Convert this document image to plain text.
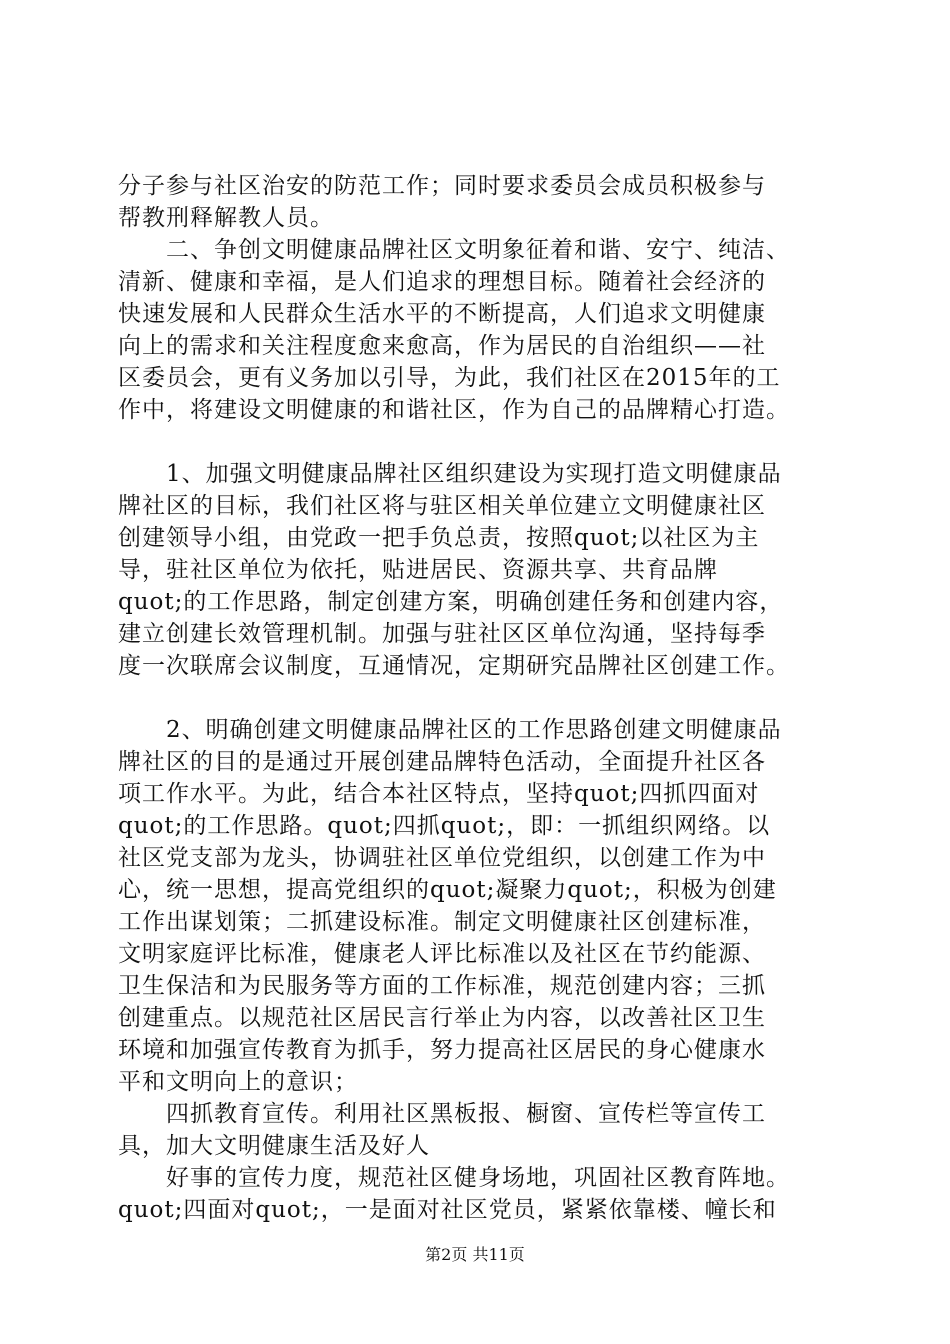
分子参与社区治安的防范工作；同时要求委员会成员积极参与
帮教刑释解教人员。
　　二、争创文明健康品牌社区文明象征着和谐、安宁、纯洁、
清新、健康和幸福，是人们追求的理想目标。随着社会经济的
快速发展和人民群众生活水平的不断提高，人们追求文明健康
向上的需求和关注程度愈来愈高，作为居民的自治组织——社
区委员会，更有义务加以引导，为此，我们社区在2015年的工
作中，将建设文明健康的和谐社区，作为自己的品牌精心打造。
　　1、加强文明健康品牌社区组织建设为实现打造文明健康品
牌社区的目标，我们社区将与驻区相关单位建立文明健康社区
创建领导小组，由党政一把手负总责，按照quot;以社区为主
导，驻社区单位为依托，贴进居民、资源共享、共育品牌
quot;的工作思路，制定创建方案，明确创建任务和创建内容，
建立创建长效管理机制。加强与驻社区区单位沟通，坚持每季
度一次联席会议制度，互通情况，定期研究品牌社区创建工作。
　　2、明确创建文明健康品牌社区的工作思路创建文明健康品
牌社区的目的是通过开展创建品牌特色活动，全面提升社区各
项工作水平。为此，结合本社区特点，坚持quot;四抓四面对
quot;的工作思路。quot;四抓quot;，即：一抓组织网络。以
社区党支部为龙头，协调驻社区单位党组织，以创建工作为中
心，统一思想，提高党组织的quot;凝聚力quot;，积极为创建
工作出谋划策；二抓建设标准。制定文明健康社区创建标准，
文明家庭评比标准，健康老人评比标准以及社区在节约能源、
卫生保洁和为民服务等方面的工作标准，规范创建内容；三抓
创建重点。以规范社区居民言行举止为内容，以改善社区卫生
环境和加强宣传教育为抓手，努力提高社区居民的身心健康水
平和文明向上的意识；
　　四抓教育宣传。利用社区黑板报、橱窗、宣传栏等宣传工
具，加大文明健康生活及好人
　　好事的宣传力度，规范社区健身场地，巩固社区教育阵地。
quot;四面对quot;，一是面对社区党员，紧紧依靠楼、幢长和
第2页 共11页
